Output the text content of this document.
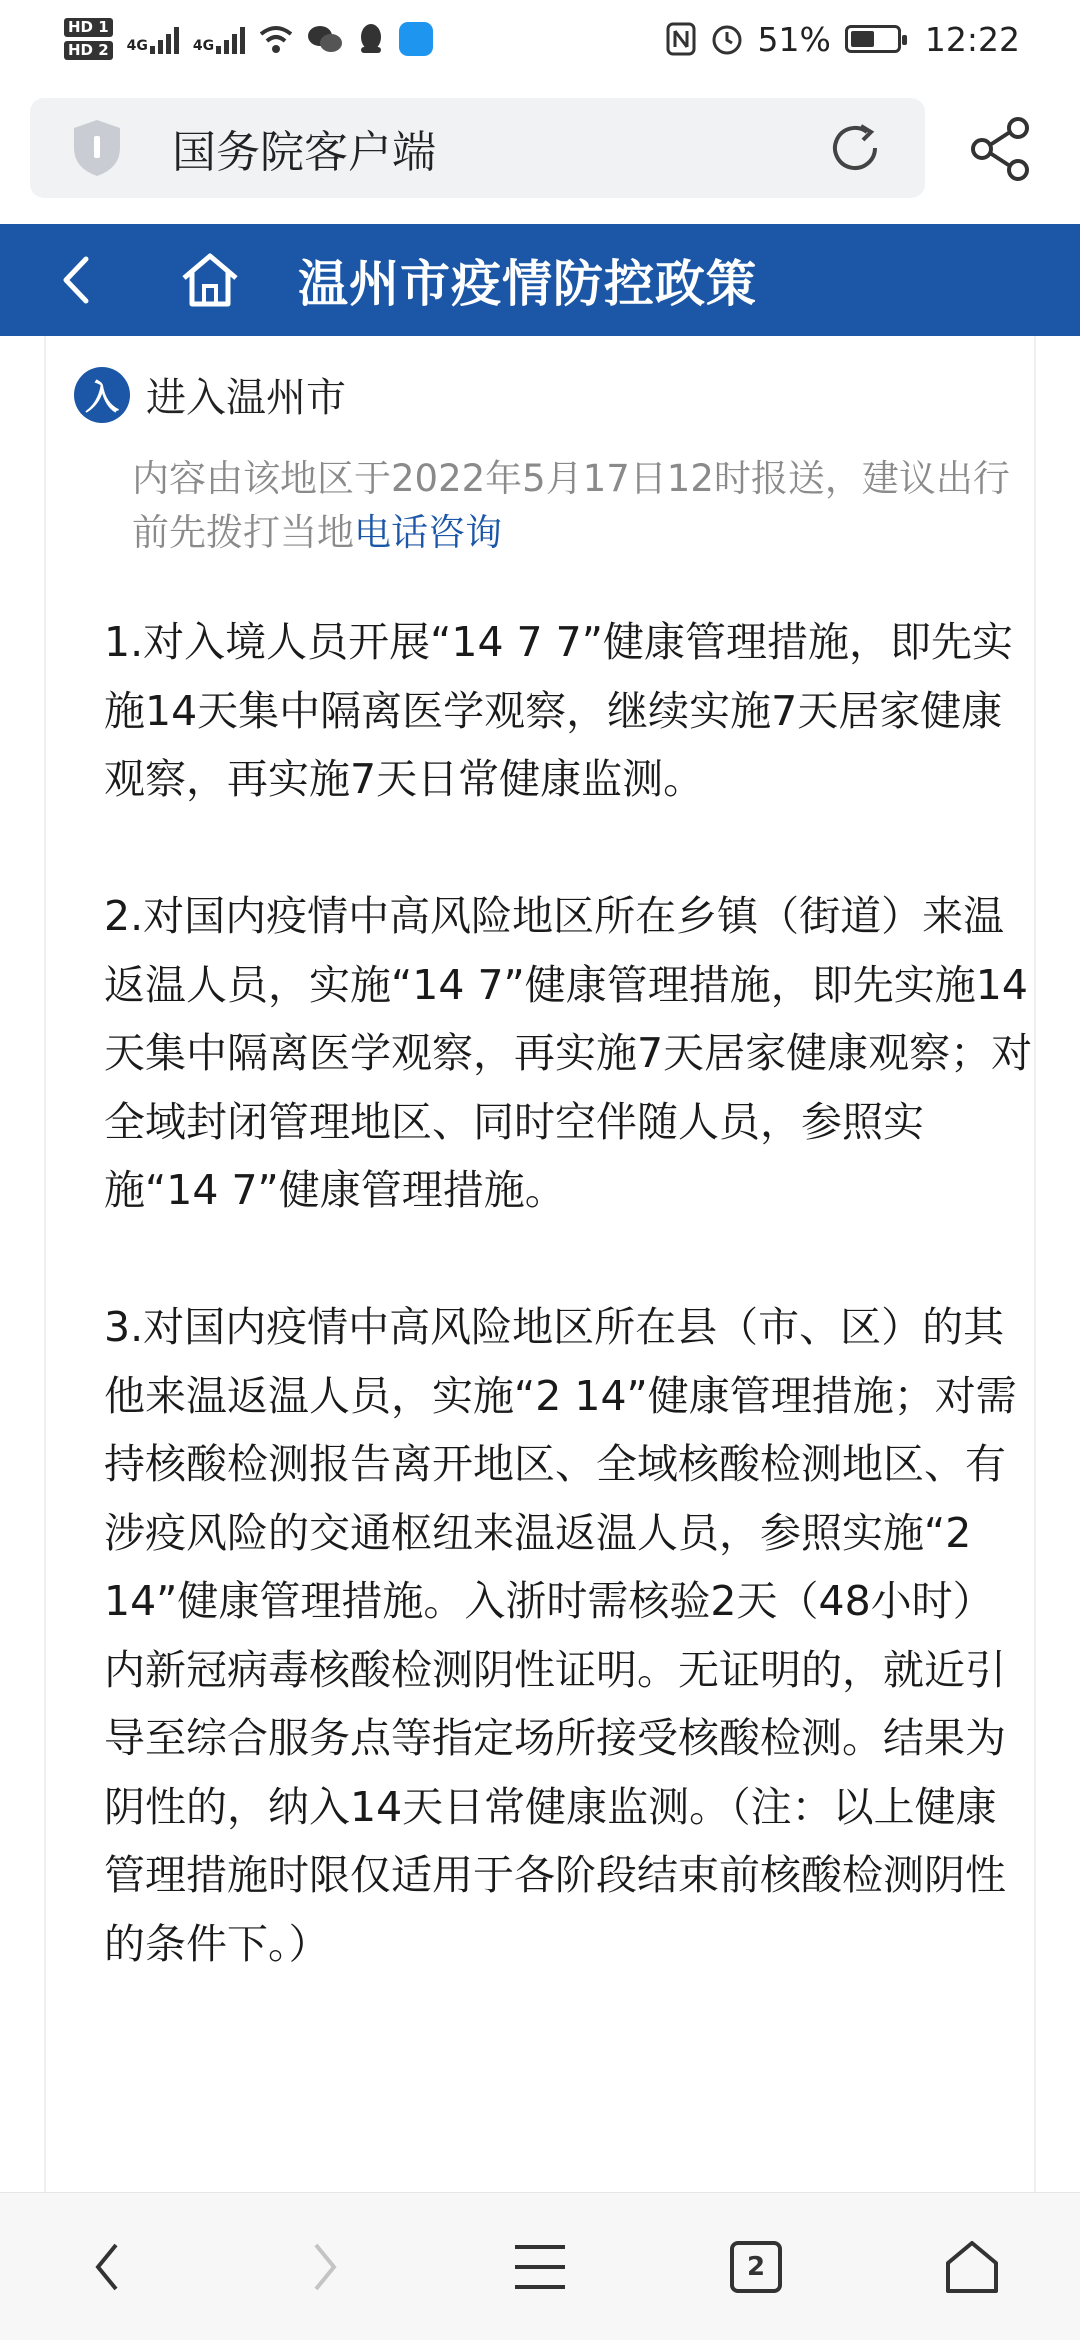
HD 1
HD 2 4G	4G	51%	12:22
国务院客户端
温州市疫情防控政策
入 进入温州市
内容由该地区于2022年5月17日12时报送，建议出行前先拨打当地电话咨询

1.对入境人员开展“14 7 7”健康管理措施，即先实施14天集中隔离医学观察，继续实施7天居家健康观察，再实施7天日常健康监测。

2.对国内疫情中高风险地区所在乡镇（街道）来温返温人员，实施“14 7”健康管理措施，即先实施14天集中隔离医学观察，再实施7天居家健康观察；对全域封闭管理地区、同时空伴随人员，参照实施“14 7”健康管理措施。

3.对国内疫情中高风险地区所在县（市、区）的其他来温返温人员，实施“2 14”健康管理措施；对需持核酸检测报告离开地区、全域核酸检测地区、有涉疫风险的交通枢纽来温返温人员，参照实施“2 14”健康管理措施。入浙时需核验2天（48小时）内新冠病毒核酸检测阴性证明。无证明的，就近引导至综合服务点等指定场所接受核酸检测。结果为阴性的，纳入14天日常健康监测。（注：以上健康管理措施时限仅适用于各阶段结束前核酸检测阴性的条件下。）

2
